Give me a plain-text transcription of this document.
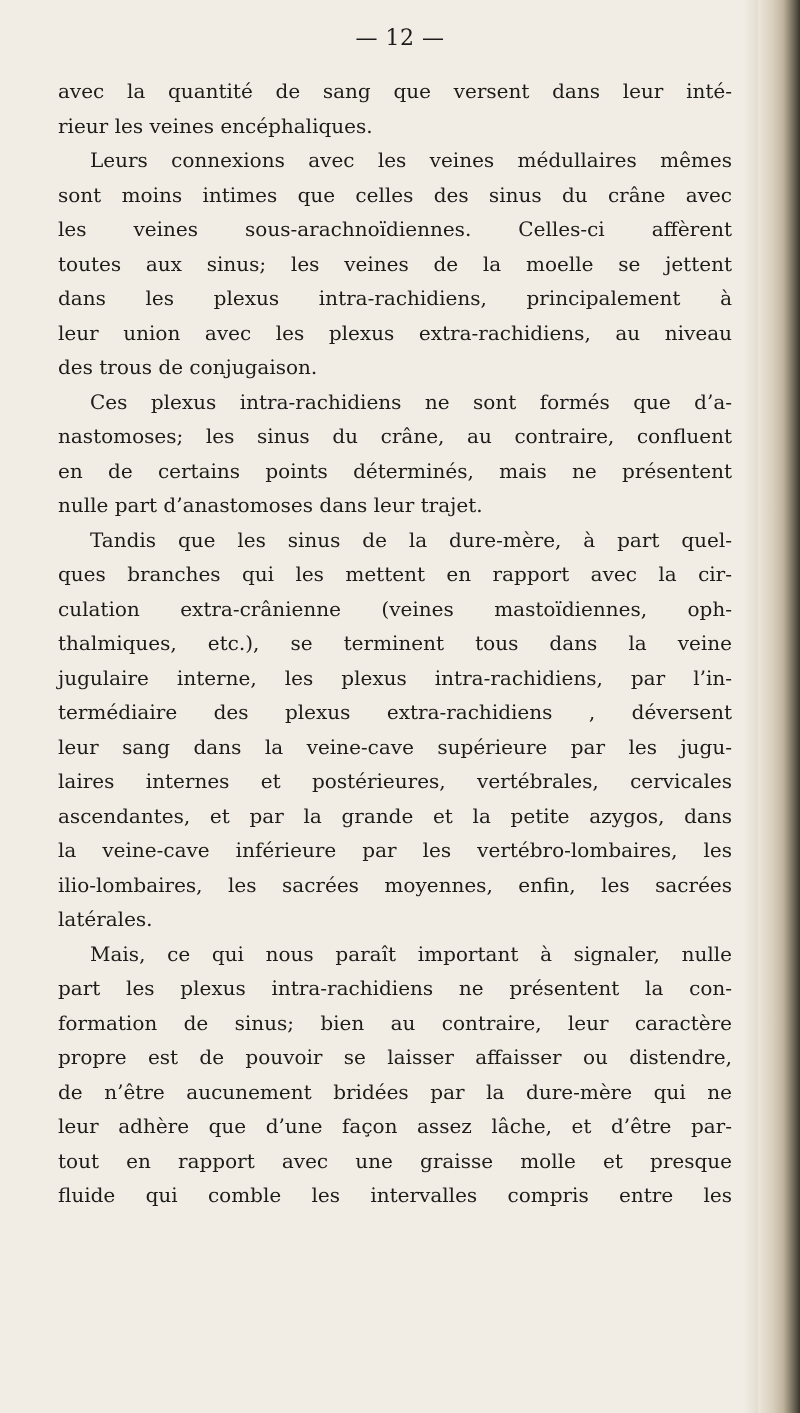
— 12 —
avec la quantité de sang que versent dans leur inté-
rieur les veines encéphaliques.
Leurs connexions avec les veines médullaires mêmes
sont moins intimes que celles des sinus du crâne avec
les veines sous-arachnoïdiennes. Celles-ci affèrent
toutes aux sinus; les veines de la moelle se jettent
dans les plexus intra-rachidiens, principalement à
leur union avec les plexus extra-rachidiens, au niveau
des trous de conjugaison.
Ces plexus intra-rachidiens ne sont formés que d’a-
nastomoses; les sinus du crâne, au contraire, confluent
en de certains points déterminés, mais ne présentent
nulle part d’anastomoses dans leur trajet.
Tandis que les sinus de la dure-mère, à part quel-
ques branches qui les mettent en rapport avec la cir-
culation extra-crânienne (veines mastoïdiennes, oph-
thalmiques, etc.), se terminent tous dans la veine
jugulaire interne, les plexus intra-rachidiens, par l’in-
termédiaire des plexus extra-rachidiens , déversent
leur sang dans la veine-cave supérieure par les jugu-
laires internes et postérieures, vertébrales, cervicales
ascendantes, et par la grande et la petite azygos, dans
la veine-cave inférieure par les vertébro-lombaires, les
ilio-lombaires, les sacrées moyennes, enfin, les sacrées
latérales.
Mais, ce qui nous paraît important à signaler, nulle
part les plexus intra-rachidiens ne présentent la con-
formation de sinus; bien au contraire, leur caractère
propre est de pouvoir se laisser affaisser ou distendre,
de n’être aucunement bridées par la dure-mère qui ne
leur adhère que d’une façon assez lâche, et d’être par-
tout en rapport avec une graisse molle et presque
fluide qui comble les intervalles compris entre les
